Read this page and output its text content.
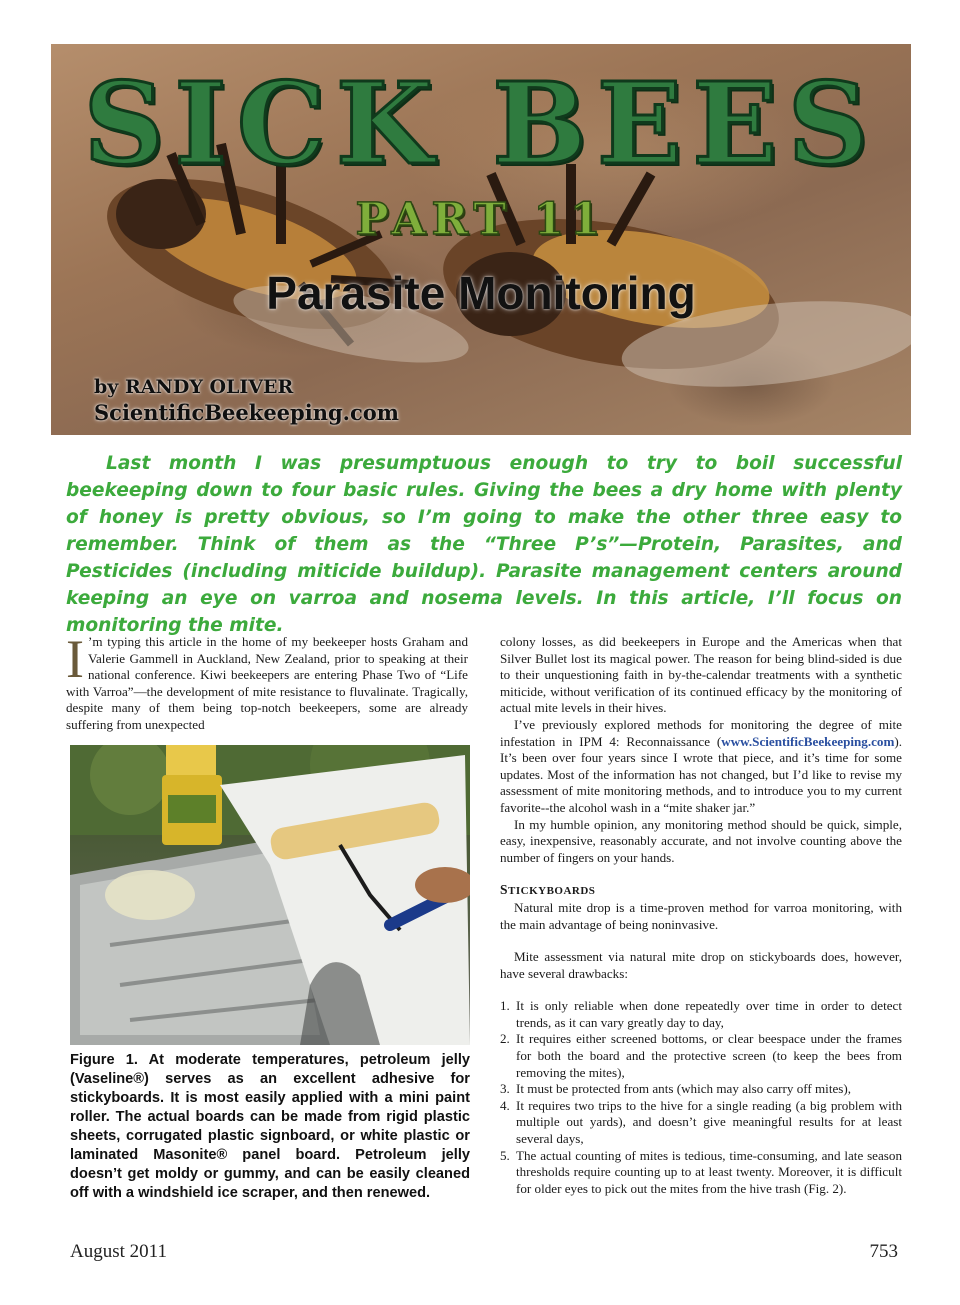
SICK BEES
PART 11
Parasite Monitoring
by RANDY OLIVER
ScientificBeekeeping.com

Last month I was presumptuous enough to try to boil successful beekeeping down to four basic rules. Giving the bees a dry home with plenty of honey is pretty obvious, so I’m going to make the other three easy to remember. Think of them as the “Three P’s”—Protein, Parasites, and Pesticides (including miticide buildup). Parasite management centers around keeping an eye on varroa and nosema levels. In this article, I’ll focus on monitoring the mite.

I ’m typing this article in the home of my beekeeper hosts Graham and Valerie Gammell in Auckland, New Zealand, prior to speaking at their national conference. Kiwi beekeepers are entering Phase Two of “Life with Varroa”—the development of mite resistance to fluvalinate. Tragically, despite many of them being top-notch beekeepers, some are already suffering from unexpected

Figure 1. At moderate temperatures, petroleum jelly (Vaseline®) serves as an excellent adhesive for stickyboards. It is most easily applied with a mini paint roller. The actual boards can be made from rigid plastic sheets, corrugated plastic signboard, or white plastic or laminated Masonite® panel board. Petroleum jelly doesn’t get moldy or gummy, and can be easily cleaned off with a windshield ice scraper, and then renewed.

colony losses, as did beekeepers in Europe and the Americas when that Silver Bullet lost its magical power. The reason for being blind-sided is due to their unquestioning faith in by-the-calendar treatments with a synthetic miticide, without verification of its continued efficacy by the monitoring of actual mite levels in their hives.

I’ve previously explored methods for monitoring the degree of mite infestation in IPM 4: Reconnaissance (www.ScientificBeekeeping.com). It’s been over four years since I wrote that piece, and it’s time for some updates. Most of the information has not changed, but I’d like to revise my assessment of mite monitoring methods, and to introduce you to my current favorite--the alcohol wash in a “mite shaker jar.”

In my humble opinion, any monitoring method should be quick, simple, easy, inexpensive, reasonably accurate, and not involve counting above the number of fingers on your hands.

STICKYBOARDS

Natural mite drop is a time-proven method for varroa monitoring, with the main advantage of being noninvasive.

Mite assessment via natural mite drop on stickyboards does, however, have several drawbacks:

1. It is only reliable when done repeatedly over time in order to detect trends, as it can vary greatly day to day,
2. It requires either screened bottoms, or clear beespace under the frames for both the board and the protective screen (to keep the bees from removing the mites),
3. It must be protected from ants (which may also carry off mites),
4. It requires two trips to the hive for a single reading (a big problem with multiple out yards), and doesn’t give meaningful results for at least several days,
5. The actual counting of mites is tedious, time-consuming, and late season thresholds require counting up to at least twenty. Moreover, it is difficult for older eyes to pick out the mites from the hive trash (Fig. 2).
August 2011	753
